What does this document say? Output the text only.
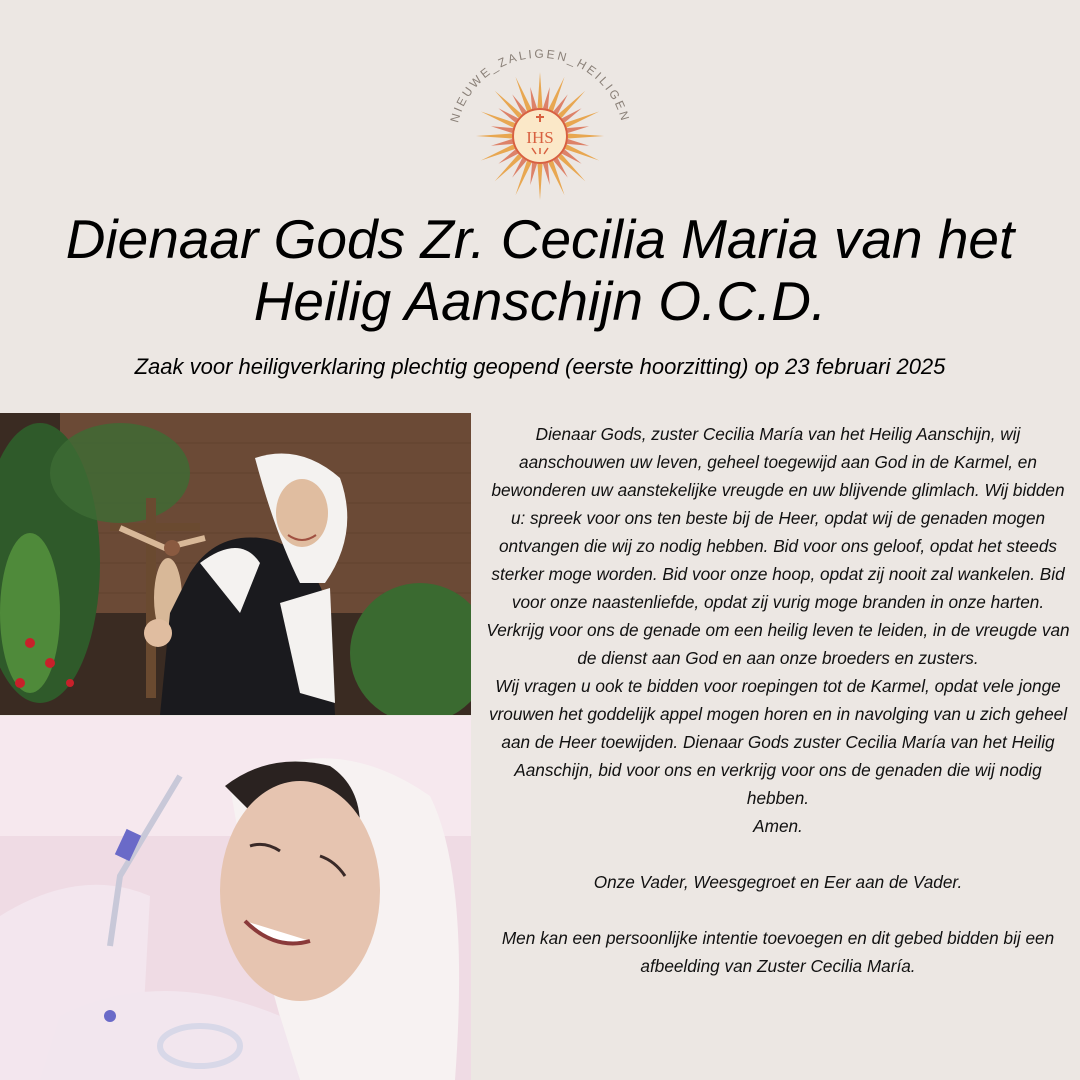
NIEUWE_ZALIGEN_HEILIGEN
IHS
Dienaar Gods Zr. Cecilia Maria van het
Heilig Aanschijn O.C.D.
Zaak voor heiligverklaring plechtig geopend (eerste hoorzitting) op 23 februari 2025

Dienaar Gods, zuster Cecilia María van het Heilig Aanschijn, wij aanschouwen uw leven, geheel toegewijd aan God in de Karmel, en bewonderen uw aanstekelijke vreugde en uw blijvende glimlach. Wij bidden u: spreek voor ons ten beste bij de Heer, opdat wij de genaden mogen ontvangen die wij zo nodig hebben. Bid voor ons geloof, opdat het steeds sterker moge worden. Bid voor onze hoop, opdat zij nooit zal wankelen. Bid voor onze naastenliefde, opdat zij vurig moge branden in onze harten. Verkrijg voor ons de genade om een heilig leven te leiden, in de vreugde van de dienst aan God en aan onze broeders en zusters.

Wij vragen u ook te bidden voor roepingen tot de Karmel, opdat vele jonge vrouwen het goddelijk appel mogen horen en in navolging van u zich geheel aan de Heer toewijden. Dienaar Gods zuster Cecilia María van het Heilig Aanschijn, bid voor ons en verkrijg voor ons de genaden die wij nodig hebben.

Amen.

Onze Vader, Weesgegroet en Eer aan de Vader.

Men kan een persoonlijke intentie toevoegen en dit gebed bidden bij een afbeelding van Zuster Cecilia María.
